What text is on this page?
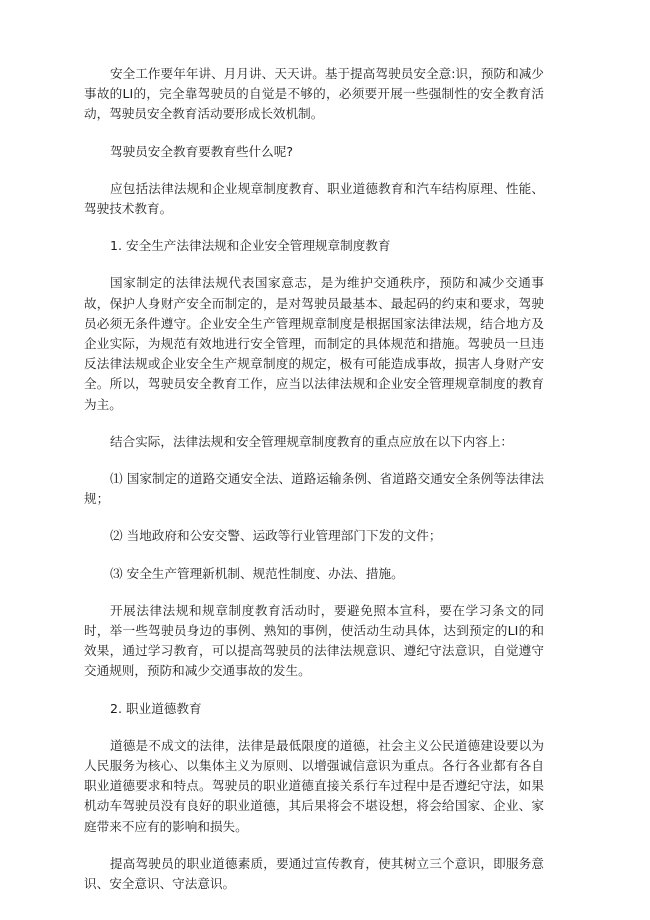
安全工作要年年讲、月月讲、天天讲。基于提高驾驶员安全意:识，预防和减少事故的LI的，完全靠驾驶员的自觉是不够的，必须要开展一些强制性的安全教育活动，驾驶员安全教育活动要形成长效机制。

驾驶员安全教育要教育些什么呢?

应包括法律法规和企业规章制度教育、职业道德教育和汽车结构原理、性能、驾驶技术教育。

1. 安全生产法律法规和企业安全管理规章制度教育

国家制定的法律法规代表国家意志，是为维护交通秩序，预防和减少交通事故，保护人身财产安全而制定的，是对驾驶员最基本、最起码的约束和要求，驾驶员必须无条件遵守。企业安全生产管理规章制度是根据国家法律法规，结合地方及企业实际，为规范有效地进行安全管理，而制定的具体规范和措施。驾驶员一旦违反法律法规或企业安全生产规章制度的规定，极有可能造成事故，损害人身财产安全。所以，驾驶员安全教育工作，应当以法律法规和企业安全管理规章制度的教育为主。

结合实际，法律法规和安全管理规章制度教育的重点应放在以下内容上：

⑴ 国家制定的道路交通安全法、道路运输条例、省道路交通安全条例等法律法规；

⑵ 当地政府和公安交警、运政等行业管理部门下发的文件；

⑶ 安全生产管理新机制、规范性制度、办法、措施。

开展法律法规和规章制度教育活动时，要避免照本宣科，要在学习条文的同时，举一些驾驶员身边的事例、熟知的事例，使活动生动具体，达到预定的LI的和效果，通过学习教育，可以提高驾驶员的法律法规意识、遵纪守法意识，自觉遵守交通规则，预防和减少交通事故的发生。

2. 职业道德教育

道德是不成文的法律，法律是最低限度的道德，社会主义公民道德建设要以为人民服务为核心、以集体主义为原则、以增强诚信意识为重点。各行各业都有各自职业道德要求和特点。驾驶员的职业道德直接关系行车过程中是否遵纪守法，如果机动车驾驶员没有良好的职业道德，其后果将会不堪设想，将会给国家、企业、家庭带来不应有的影响和损失。

提高驾驶员的职业道德素质，要通过宣传教育，使其树立三个意识，即服务意识、安全意识、守法意识。
